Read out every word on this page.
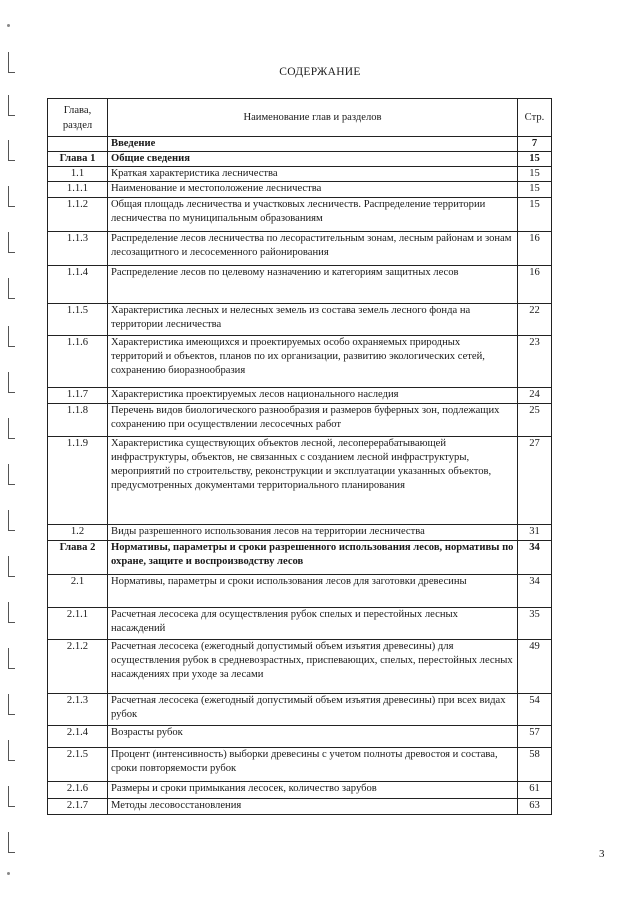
СОДЕРЖАНИЕ
Глава, раздел	Наименование глав и разделов	Стр.
	Введение	7
Глава 1	Общие сведения	15
1.1	Краткая характеристика лесничества	15
1.1.1	Наименование и местоположение лесничества	15
1.1.2	Общая площадь лесничества и участковых лесничеств. Распределение территории лесничества по муниципальным образованиям	15
1.1.3	Распределение лесов лесничества по лесорастительным зонам, лесным районам и зонам лесозащитного и лесосеменного районирования	16
1.1.4	Распределение лесов по целевому назначению и категориям защитных лесов	16
1.1.5	Характеристика лесных и нелесных земель из состава земель лесного фонда на территории лесничества	22
1.1.6	Характеристика имеющихся и проектируемых особо охраняемых природных территорий и объектов, планов по их организации, развитию экологических сетей, сохранению биоразнообразия	23
1.1.7	Характеристика проектируемых лесов национального наследия	24
1.1.8	Перечень видов биологического разнообразия и размеров буферных зон, подлежащих сохранению при осуществлении лесосечных работ	25
1.1.9	Характеристика существующих объектов лесной, лесоперерабатывающей инфраструктуры, объектов, не связанных с созданием лесной инфраструктуры, мероприятий по строительству, реконструкции и эксплуатации указанных объектов, предусмотренных документами территориального планирования	27
1.2	Виды разрешенного использования лесов на территории лесничества	31
Глава 2	Нормативы, параметры и сроки разрешенного использования лесов, нормативы по охране, защите и воспроизводству лесов	34
2.1	Нормативы, параметры и сроки использования лесов для заготовки древесины	34
2.1.1	Расчетная лесосека для осуществления рубок спелых и перестойных лесных насаждений	35
2.1.2	Расчетная лесосека (ежегодный допустимый объем изъятия древесины) для осуществления рубок в средневозрастных, приспевающих, спелых, перестойных лесных насаждениях при уходе за лесами	49
2.1.3	Расчетная лесосека (ежегодный допустимый объем изъятия древесины) при всех видах рубок	54
2.1.4	Возрасты рубок	57
2.1.5	Процент (интенсивность) выборки древесины с учетом полноты древостоя и состава, сроки повторяемости рубок	58
2.1.6	Размеры и сроки примыкания лесосек, количество зарубов	61
2.1.7	Методы лесовосстановления	63
3
